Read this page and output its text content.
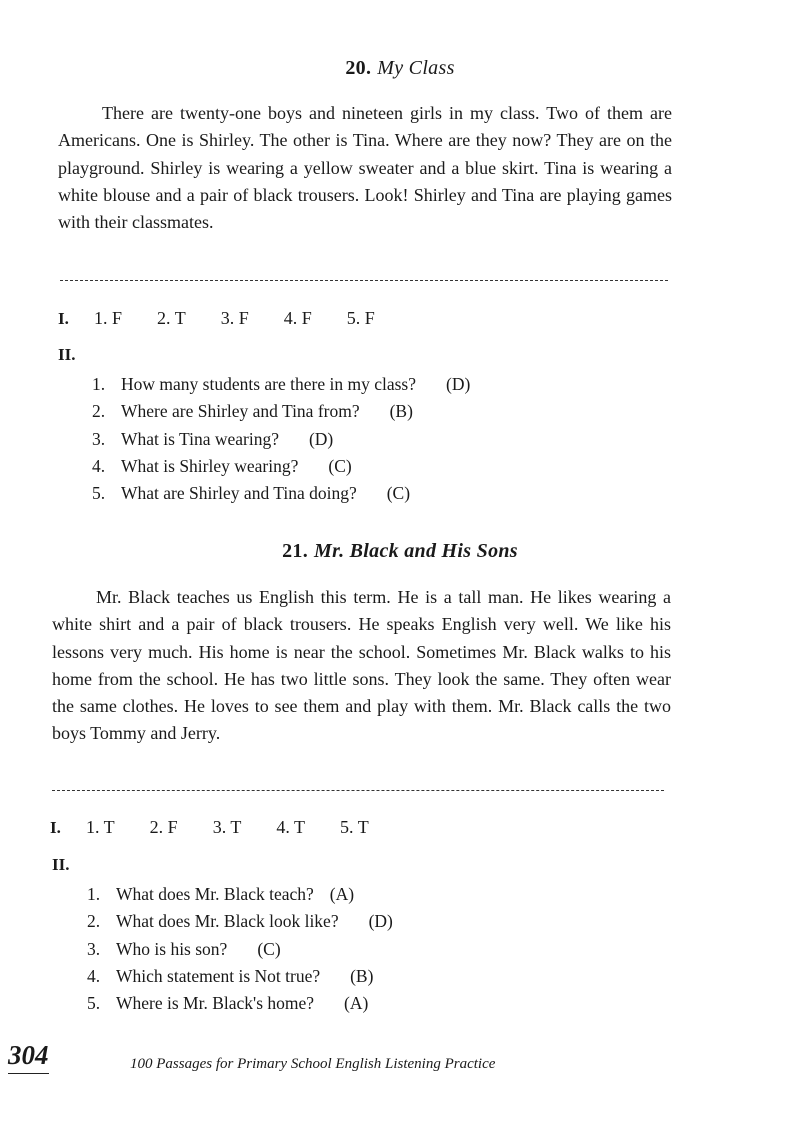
20. My Class

There are twenty-one boys and nineteen girls in my class. Two of them are Americans. One is Shirley. The other is Tina. Where are they now? They are on the playground. Shirley is wearing a yellow sweater and a blue skirt. Tina is wearing a white blouse and a pair of black trousers. Look! Shirley and Tina are playing games with their classmates.

I.	1. F 2. T 3. F 4. F 5. F
II.
1. How many students are there in my class? (D)
2. Where are Shirley and Tina from? (B)
3. What is Tina wearing? (D)
4. What is Shirley wearing? (C)
5. What are Shirley and Tina doing? (C)
21. Mr. Black and His Sons

Mr. Black teaches us English this term. He is a tall man. He likes wearing a white shirt and a pair of black trousers. He speaks English very well. We like his lessons very much. His home is near the school. Sometimes Mr. Black walks to his home from the school. He has two little sons. They look the same. They often wear the same clothes. He loves to see them and play with them. Mr. Black calls the two boys Tommy and Jerry.

I.	1. T 2. F 3. T 4. T 5. T
II.
1. What does Mr. Black teach? (A)
2. What does Mr. Black look like? (D)
3. Who is his son? (C)
4. Which statement is Not true? (B)
5. Where is Mr. Black's home? (A)
304	100 Passages for Primary School English Listening Practice
